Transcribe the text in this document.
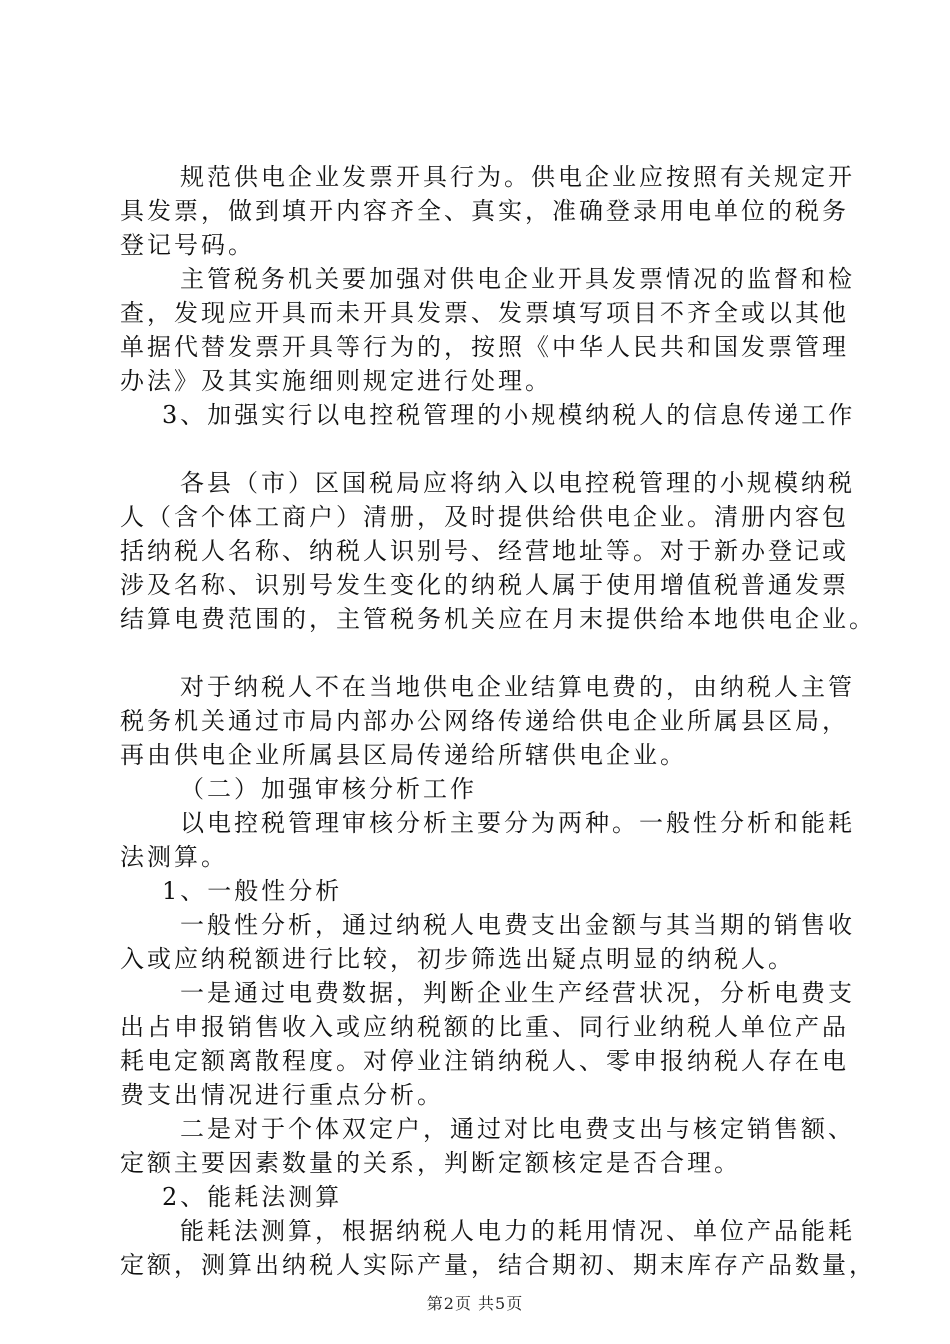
规范供电企业发票开具行为。供电企业应按照有关规定开
具发票，做到填开内容齐全、真实，准确登录用电单位的税务
登记号码。
主管税务机关要加强对供电企业开具发票情况的监督和检
查，发现应开具而未开具发票、发票填写项目不齐全或以其他
单据代替发票开具等行为的，按照《中华人民共和国发票管理
办法》及其实施细则规定进行处理。
3、加强实行以电控税管理的小规模纳税人的信息传递工作
各县（市）区国税局应将纳入以电控税管理的小规模纳税
人（含个体工商户）清册，及时提供给供电企业。清册内容包
括纳税人名称、纳税人识别号、经营地址等。对于新办登记或
涉及名称、识别号发生变化的纳税人属于使用增值税普通发票
结算电费范围的，主管税务机关应在月末提供给本地供电企业。
对于纳税人不在当地供电企业结算电费的，由纳税人主管
税务机关通过市局内部办公网络传递给供电企业所属县区局，
再由供电企业所属县区局传递给所辖供电企业。
（二）加强审核分析工作
以电控税管理审核分析主要分为两种。一般性分析和能耗
法测算。
1、一般性分析
一般性分析，通过纳税人电费支出金额与其当期的销售收
入或应纳税额进行比较，初步筛选出疑点明显的纳税人。
一是通过电费数据，判断企业生产经营状况，分析电费支
出占申报销售收入或应纳税额的比重、同行业纳税人单位产品
耗电定额离散程度。对停业注销纳税人、零申报纳税人存在电
费支出情况进行重点分析。
二是对于个体双定户，通过对比电费支出与核定销售额、
定额主要因素数量的关系，判断定额核定是否合理。
2、能耗法测算
能耗法测算，根据纳税人电力的耗用情况、单位产品能耗
定额，测算出纳税人实际产量，结合期初、期末库存产品数量，
第2页 共5页
